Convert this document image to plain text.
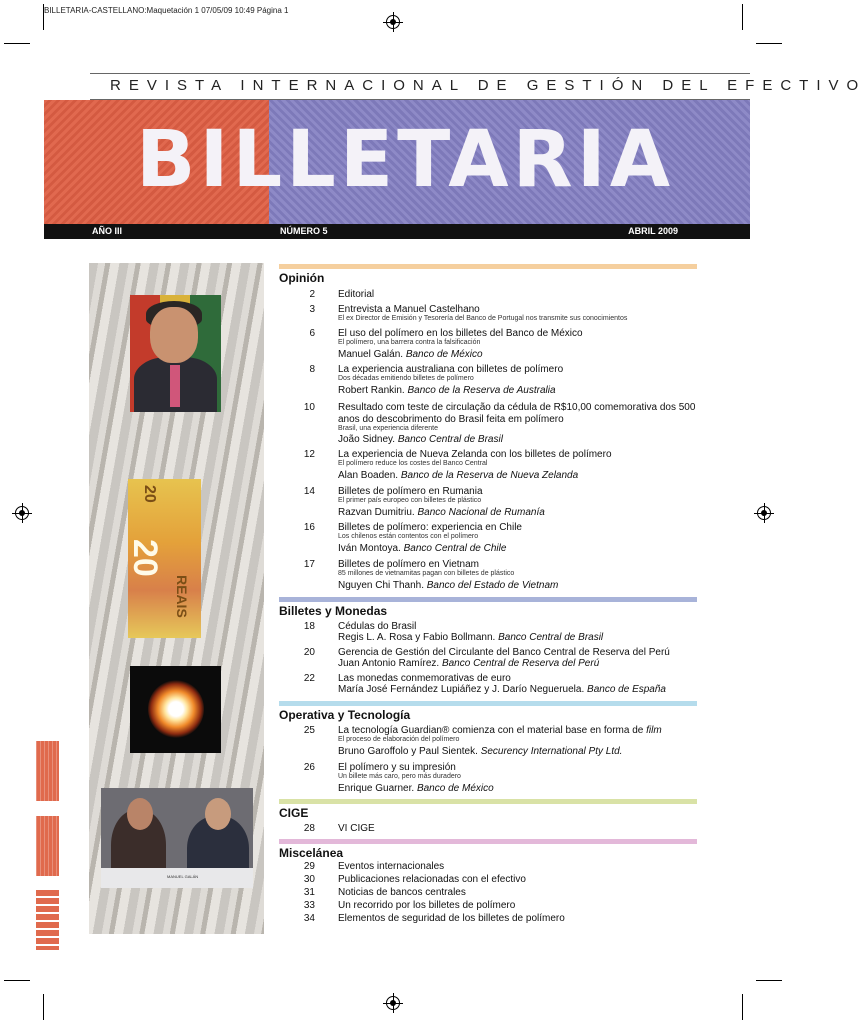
BILLETARIA-CASTELLANO:Maquetación 1 07/05/09 10:49 Página 1
REVISTA INTERNACIONAL DE GESTIÓN DEL EFECTIVO
BILLETARIA
AÑO III	NÚMERO 5	ABRIL 2009
20
20
REAIS
MANUEL GALÁN
Opinión
2 Editorial
3 Entrevista a Manuel Castelhano
El ex Director de Emisión y Tesorería del Banco de Portugal nos transmite sus conocimientos
6 El uso del polímero en los billetes del Banco de México
El polímero, una barrera contra la falsificación
Manuel Galán. Banco de México
8 La experiencia australiana con billetes de polímero
Dos décadas emitiendo billetes de polímero
Robert Rankin. Banco de la Reserva de Australia
10 Resultado com teste de circulação da cédula de R$10,00 comemorativa dos 500 anos do descobrimento do Brasil feita em polímero
Brasil, una experiencia diferente
João Sidney. Banco Central de Brasil
12 La experiencia de Nueva Zelanda con los billetes de polímero
El polímero reduce los costes del Banco Central
Alan Boaden. Banco de la Reserva de Nueva Zelanda
14 Billetes de polímero en Rumania
El primer país europeo con billetes de plástico
Razvan Dumitriu. Banco Nacional de Rumanía
16 Billetes de polímero: experiencia en Chile
Los chilenos están contentos con el polímero
Iván Montoya. Banco Central de Chile
17 Billetes de polímero en Vietnam
85 millones de vietnamitas pagan con billetes de plástico
Nguyen Chi Thanh. Banco del Estado de Vietnam
Billetes y Monedas
18 Cédulas do Brasil
Regis L. A. Rosa y Fabio Bollmann. Banco Central de Brasil
20 Gerencia de Gestión del Circulante del Banco Central de Reserva del Perú
Juan Antonio Ramírez. Banco Central de Reserva del Perú
22 Las monedas conmemorativas de euro
María José Fernández Lupiáñez y J. Darío Negueruela. Banco de España
Operativa y Tecnología
25 La tecnología Guardian® comienza con el material base en forma de film
El proceso de elaboración del polímero
Bruno Garoffolo y Paul Sientek. Securency International Pty Ltd.
26 El polímero y su impresión
Un billete más caro, pero más duradero
Enrique Guarner. Banco de México
CIGE
28 VI CIGE
Miscelánea
29 Eventos internacionales
30 Publicaciones relacionadas con el efectivo
31 Noticias de bancos centrales
33 Un recorrido por los billetes de polímero
34 Elementos de seguridad de los billetes de polímero
